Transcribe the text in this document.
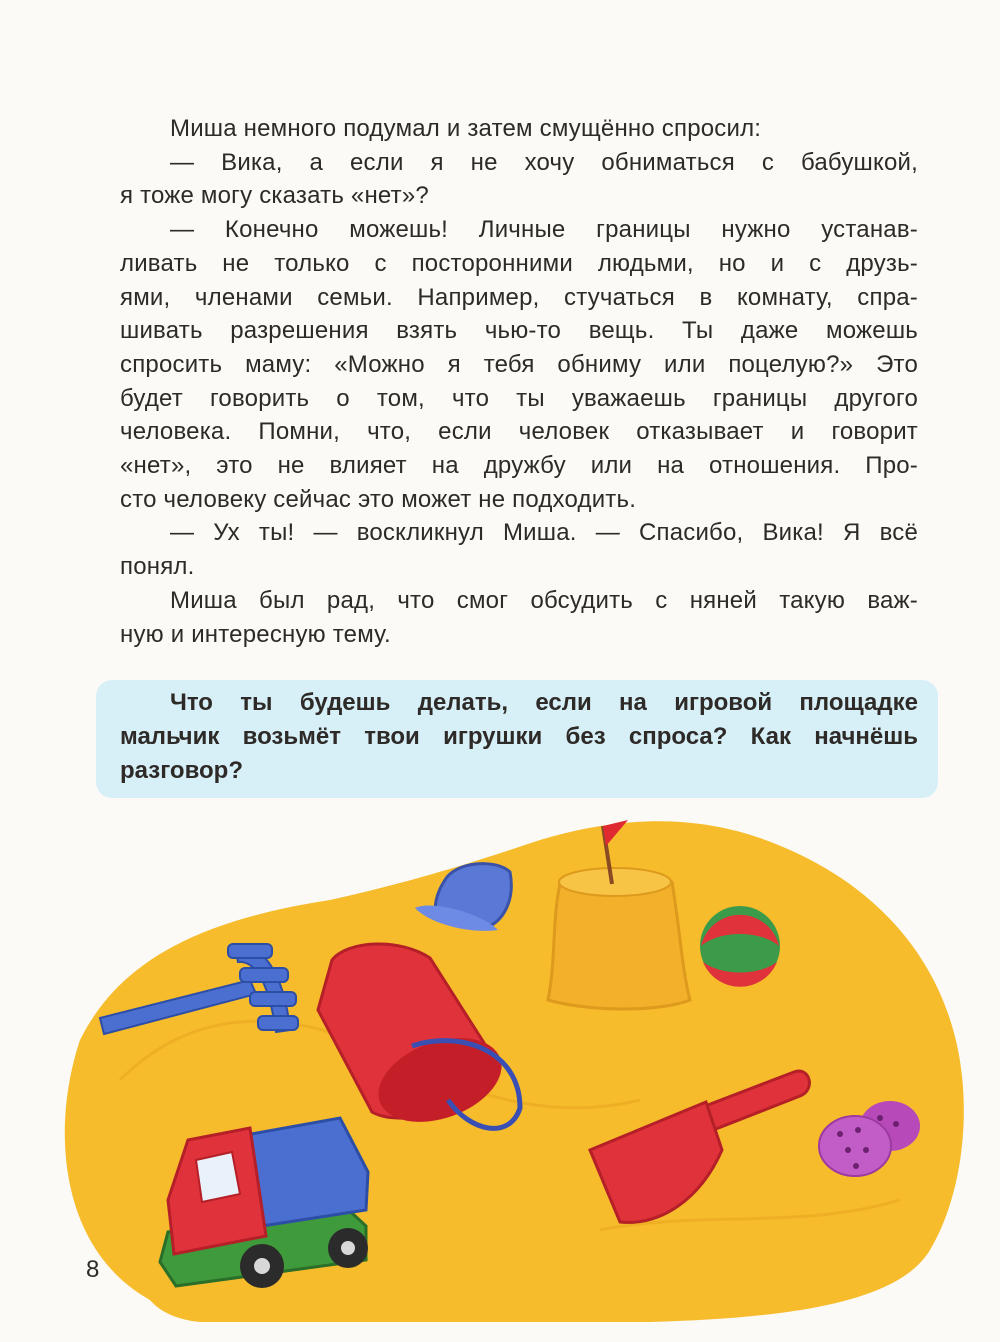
Миша немного подумал и затем смущённо спросил:

— Вика, а если я не хочу обниматься с бабушкой,
я тоже могу сказать «нет»?

— Конечно можешь! Личные границы нужно устанав-
ливать не только с посторонними людьми, но и с друзь-
ями, членами семьи. Например, стучаться в комнату, спра-
шивать разрешения взять чью-то вещь. Ты даже можешь
спросить маму: «Можно я тебя обниму или поцелую?» Это
будет говорить о том, что ты уважаешь границы другого
человека. Помни, что, если человек отказывает и говорит
«нет», это не влияет на дружбу или на отношения. Про-
сто человеку сейчас это может не подходить.

— Ух ты! — воскликнул Миша. — Спасибо, Вика! Я всё
понял.

Миша был рад, что смог обсудить с няней такую важ-
ную и интересную тему.

Что ты будешь делать, если на игровой площадке
мальчик возьмёт твои игрушки без спроса? Как начнёшь
разговор?
8
